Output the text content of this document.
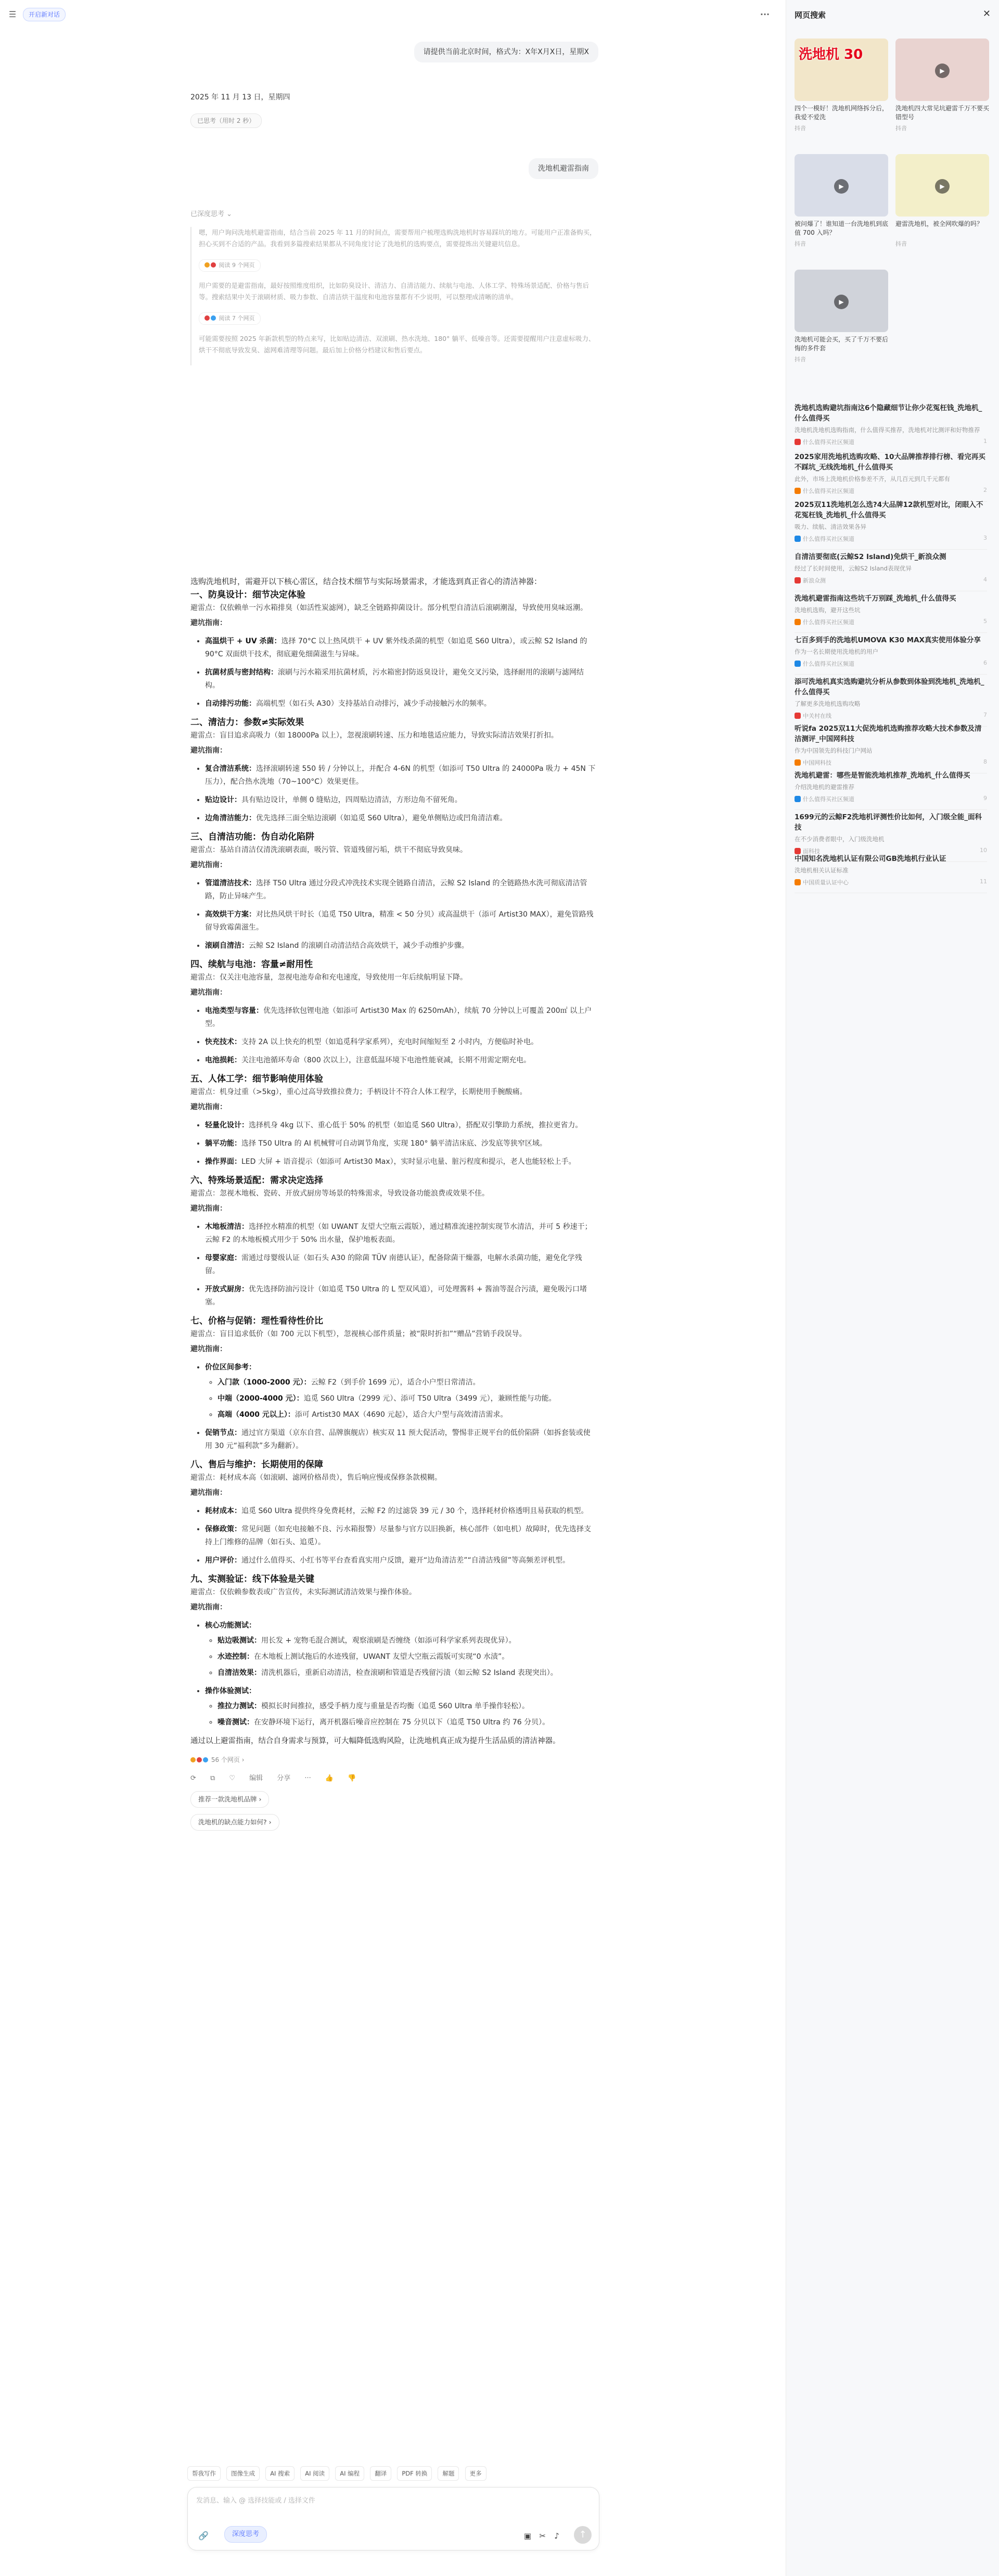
☰	开启新对话	···
请提供当前北京时间，格式为：X年X月X日，星期X
2025 年 11 月 13 日，星期四
已思考（用时 2 秒）
洗地机避雷指南
已深度思考 ⌄

嗯，用户询问洗地机避雷指南，结合当前 2025 年 11 月的时间点，需要帮用户梳理选购洗地机时容易踩坑的地方。可能用户正准备购买，担心买到不合适的产品。我看到多篇搜索结果都从不同角度讨论了洗地机的选购要点，需要提炼出关键避坑信息。

阅读 9 个网页

用户需要的是避雷指南，最好按照维度组织，比如防臭设计、清洁力、自清洁能力、续航与电池、人体工学、特殊场景适配、价格与售后等。搜索结果中关于滚刷材质、吸力参数、自清洁烘干温度和电池容量都有不少说明，可以整理成清晰的清单。

阅读 7 个网页

可能需要按照 2025 年新款机型的特点来写，比如贴边清洁、双滚刷、热水洗地、180° 躺平、低噪音等。还需要提醒用户注意虚标吸力、烘干不彻底导致发臭、滤网难清理等问题。最后加上价格分档建议和售后要点。

选购洗地机时，需避开以下核心雷区，结合技术细节与实际场景需求，才能选到真正省心的清洁神器：

一、防臭设计：细节决定体验

避雷点：仅依赖单一污水箱排臭（如活性炭滤网），缺乏全链路抑菌设计。部分机型自清洁后滚刷潮湿，导致使用臭味返潮。

避坑指南：

• 高温烘干 + UV 杀菌：选择 70°C 以上热风烘干 + UV 紫外线杀菌的机型（如追觅 S60 Ultra），或云鲸 S2 Island 的 90°C 双面烘干技术，彻底避免细菌滋生与异味。
• 抗菌材质与密封结构：滚刷与污水箱采用抗菌材质，污水箱密封防返臭设计，避免交叉污染，选择耐用的滚刷与滤网结构。
• 自动排污功能：高端机型（如石头 A30）支持基站自动排污，减少手动接触污水的频率。

二、清洁力：参数≠实际效果

避雷点：盲目追求高吸力（如 18000Pa 以上），忽视滚刷转速、压力和地毯适应能力，导致实际清洁效果打折扣。

避坑指南：

• 复合清洁系统：选择滚刷转速 550 转 / 分钟以上，并配合 4-6N 的机型（如添可 T50 Ultra 的 24000Pa 吸力 + 45N 下压力），配合热水洗地（70~100°C）效果更佳。
• 贴边设计：具有贴边设计，单侧 0 缝贴边，四周贴边清洁，方形边角不留死角。
• 边角清洁能力：优先选择三面全贴边滚刷（如追觅 S60 Ultra），避免单侧贴边或凹角清洁难。

三、自清洁功能：伪自动化陷阱

避雷点：基站自清洁仅清洗滚刷表面，吸污管、管道残留污垢，烘干不彻底导致臭味。

避坑指南：

• 管道清洁技术：选择 T50 Ultra 通过分段式冲洗技术实现全链路自清洁，云鲸 S2 Island 的全链路热水洗可彻底清洁管路，防止异味产生。
• 高效烘干方案：对比热风烘干时长（追觅 T50 Ultra，精准 < 50 分贝）或高温烘干（添可 Artist30 MAX），避免管路残留导致霉菌滋生。
• 滚刷自清洁：云鲸 S2 Island 的滚刷自动清洁结合高效烘干，减少手动维护步骤。

四、续航与电池：容量≠耐用性

避雷点：仅关注电池容量，忽视电池寿命和充电速度，导致使用一年后续航明显下降。

避坑指南：

• 电池类型与容量：优先选择软包锂电池（如添可 Artist30 Max 的 6250mAh），续航 70 分钟以上可覆盖 200㎡ 以上户型。
• 快充技术：支持 2A 以上快充的机型（如追觅科学家系列），充电时间缩短至 2 小时内，方便临时补电。
• 电池损耗：关注电池循环寿命（800 次以上），注意低温环境下电池性能衰减，长期不用需定期充电。

五、人体工学：细节影响使用体验

避雷点：机身过重（>5kg），重心过高导致推拉费力；手柄设计不符合人体工程学，长期使用手腕酸痛。

避坑指南：

• 轻量化设计：选择机身 4kg 以下、重心低于 50% 的机型（如追觅 S60 Ultra），搭配双引擎助力系统，推拉更省力。
• 躺平功能：选择 T50 Ultra 的 AI 机械臂可自动调节角度，实现 180° 躺平清洁床底、沙发底等狭窄区域。
• 操作界面：LED 大屏 + 语音提示（如添可 Artist30 Max），实时显示电量、脏污程度和提示，老人也能轻松上手。

六、特殊场景适配：需求决定选择

避雷点：忽视木地板、瓷砖、开放式厨房等场景的特殊需求，导致设备功能浪费或效果不佳。

避坑指南：

• 木地板清洁：选择控水精准的机型（如 UWANT 友望大空瓶云霞版），通过精准流速控制实现节水清洁，并可 5 秒速干；云鲸 F2 的木地板模式用少于 50% 出水量，保护地板表面。
• 母婴家庭：需通过母婴级认证（如石头 A30 的除菌 TÜV 南德认证），配备除菌干燥器，电解水杀菌功能，避免化学残留。
• 开放式厨房：优先选择防油污设计（如追觅 T50 Ultra 的 L 型双风道），可处理酱料 + 酱油等混合污渍，避免吸污口堵塞。

七、价格与促销：理性看待性价比

避雷点：盲目追求低价（如 700 元以下机型），忽视核心部件质量；被“限时折扣”“赠品”营销手段误导。

避坑指南：

• 价位区间参考：
◦ 入门款（1000-2000 元）：云鲸 F2（到手价 1699 元），适合小户型日常清洁。
◦ 中端（2000-4000 元）：追觅 S60 Ultra（2999 元）、添可 T50 Ultra（3499 元），兼顾性能与功能。
◦ 高端（4000 元以上）：添可 Artist30 MAX（4690 元起），适合大户型与高效清洁需求。
• 促销节点：通过官方渠道（京东自营、品牌旗舰店）核实双 11 预大促活动，警惕非正规平台的低价陷阱（如拆套装或使用 30 元“福利款”多为翻新）。

八、售后与维护：长期使用的保障

避雷点：耗材成本高（如滚刷、滤网价格昂贵），售后响应慢或保修条款模糊。

避坑指南：

• 耗材成本：追觅 S60 Ultra 提供终身免费耗材，云鲸 F2 的过滤袋 39 元 / 30 个，选择耗材价格透明且易获取的机型。
• 保修政策：常见问题（如充电接触不良、污水箱报警）尽量参与官方以旧换新，核心部件（如电机）故障时，优先选择支持上门维修的品牌（如石头、追觅）。
• 用户评价：通过什么值得买、小红书等平台查看真实用户反馈，避开“边角清洁差”“自清洁残留”等高频差评机型。

九、实测验证：线下体验是关键

避雷点：仅依赖参数表或广告宣传，未实际测试清洁效果与操作体验。

避坑指南：

• 核心功能测试：
◦ 贴边吸测试：用长发 + 宠物毛混合测试，观察滚刷是否缠绕（如添可科学家系列表现优异）。
◦ 水迹控制：在木地板上测试拖后的水迹残留，UWANT 友望大空瓶云霞版可实现“0 水渍”。
◦ 自清洁效果：清洗机器后，重新启动清洁，检查滚刷和管道是否残留污渍（如云鲸 S2 Island 表现突出）。
• 操作体验测试：
◦ 推拉力测试：模拟长时间推拉，感受手柄力度与重量是否均衡（追觅 S60 Ultra 单手操作轻松）。
◦ 噪音测试：在安静环境下运行，离开机器后噪音应控制在 75 分贝以下（追觅 T50 Ultra 约 76 分贝）。

通过以上避雷指南，结合自身需求与预算，可大幅降低选购风险，让洗地机真正成为提升生活品质的清洁神器。

56 个网页 ›
⟳ ⧉ ♡ 编辑 分享 ··· 👍 👎
推荐一款洗地机品牌 ›
洗地机的缺点能力如何? ›
帮我写作	图像生成	AI 搜索	AI 阅读	AI 编程	翻译	PDF 转换	解题	更多
发消息、输入 @ 选择技能或 / 选择文件
🔗	深度思考	▣ ✂ ♪	↑
网页搜索	✕
洗地机 30
四个一模好！洗地机网络拆分后，我爱不爱洗
抖音
▶
洗地机四大常见坑避雷千万不要买错型号
抖音
▶
被问爆了！谁知道一台洗地机到底值 700 入吗？
抖音
▶
避雷洗地机，被全网吹爆的吗？
抖音
▶
洗地机可能会买，买了千万不要后悔的多件套
抖音
洗地机选购避坑指南这6个隐藏细节让你少花冤枉钱_洗地机_什么值得买
洗地机洗地机选购指南，什么值得买推荐，洗地机对比测评和好物推荐
什么值得买社区频道	1
2025家用洗地机选购攻略、10大品牌推荐排行榜、看完再买不踩坑_无线洗地机_什么值得买
此外，市场上洗地机价格参差不齐，从几百元到几千元都有
什么值得买社区频道	2
2025双11洗地机怎么选?4大品牌12款机型对比，闭眼入不花冤枉钱_洗地机_什么值得买
吸力、续航、清洁效果各异
什么值得买社区频道	3
自清洁要彻底(云鲸S2 Island)免烘干_新浪众测
经过了长时间使用，云鲸S2 Island表现优异
新浪众测	4
洗地机避雷指南这些坑千万别踩_洗地机_什么值得买
洗地机选购，避开这些坑
什么值得买社区频道	5
七百多到手的洗地机UMOVA K30 MAX真实使用体验分享
作为一名长期使用洗地机的用户
什么值得买社区频道	6
添可洗地机真实选购避坑分析从参数到体验到洗地机_洗地机_什么值得买
了解更多洗地机选购攻略
中关村在线	7
听说fa 2025双11大促洗地机选购推荐攻略大技术参数及清洁测评_中国网科技
作为中国领先的科技门户网站
中国网科技	8
洗地机避雷：哪些是智能洗地机推荐_洗地机_什么值得买
介绍洗地机的避雷推荐
什么值得买社区频道	9
1699元的云鲸F2洗地机评测性价比如何，入门级全能_面科技
在不少消费者眼中，入门级洗地机
面科技	10
中国知名洗地机认证有限公司GB洗地机行业认证
洗地机相关认证标准
中国质量认证中心	11
